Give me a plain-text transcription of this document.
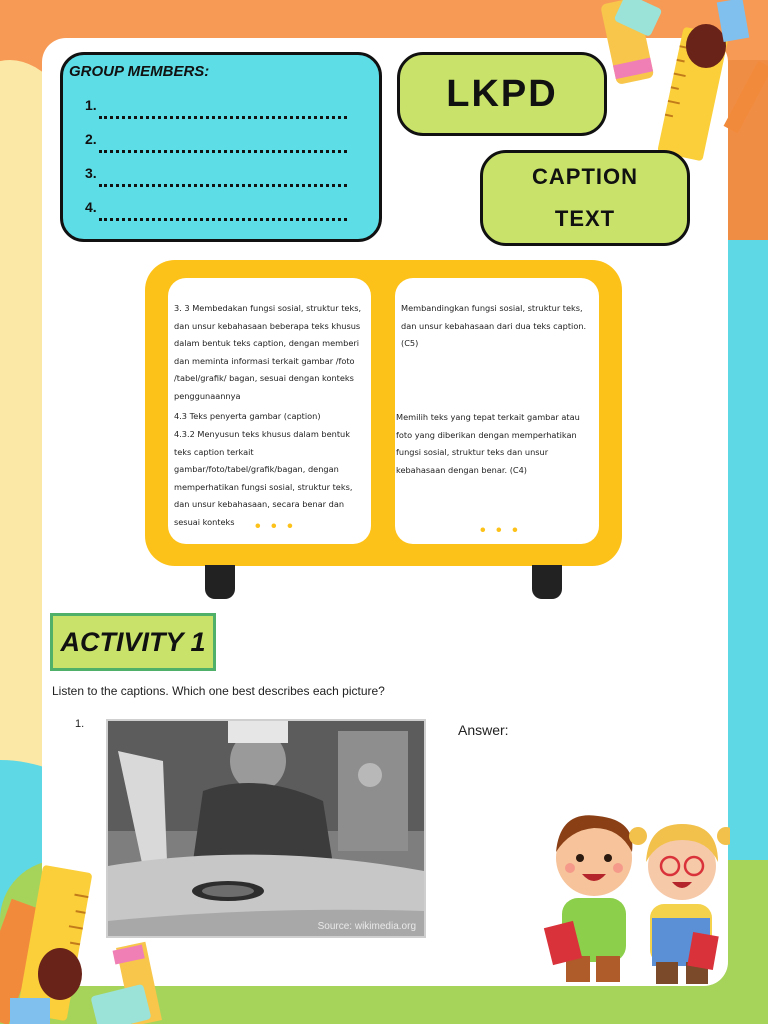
GROUP MEMBERS:
1.
2.
3.
4.
LKPD
CAPTION
TEXT
3. 3 Membedakan fungsi sosial, struktur teks, dan unsur kebahasaan beberapa teks khusus dalam bentuk teks caption, dengan memberi dan meminta informasi terkait gambar /foto /tabel/grafik/ bagan, sesuai dengan konteks penggunaannya
4.3 Teks penyerta gambar (caption)
4.3.2 Menyusun teks khusus dalam bentuk teks caption terkait gambar/foto/tabel/grafik/bagan, dengan memperhatikan fungsi sosial, struktur teks, dan unsur kebahasaan, secara benar dan sesuai konteks	• • •
Membandingkan fungsi sosial, struktur teks, dan unsur kebahasaan dari dua teks caption. (C5)
Memilih teks yang tepat terkait gambar atau foto yang diberikan dengan memperhatikan fungsi sosial, struktur teks dan unsur kebahasaan dengan benar. (C4)
• • •
ACTIVITY 1
Listen to the captions. Which one best describes each picture?
1.
Source: wikimedia.org
Answer:
